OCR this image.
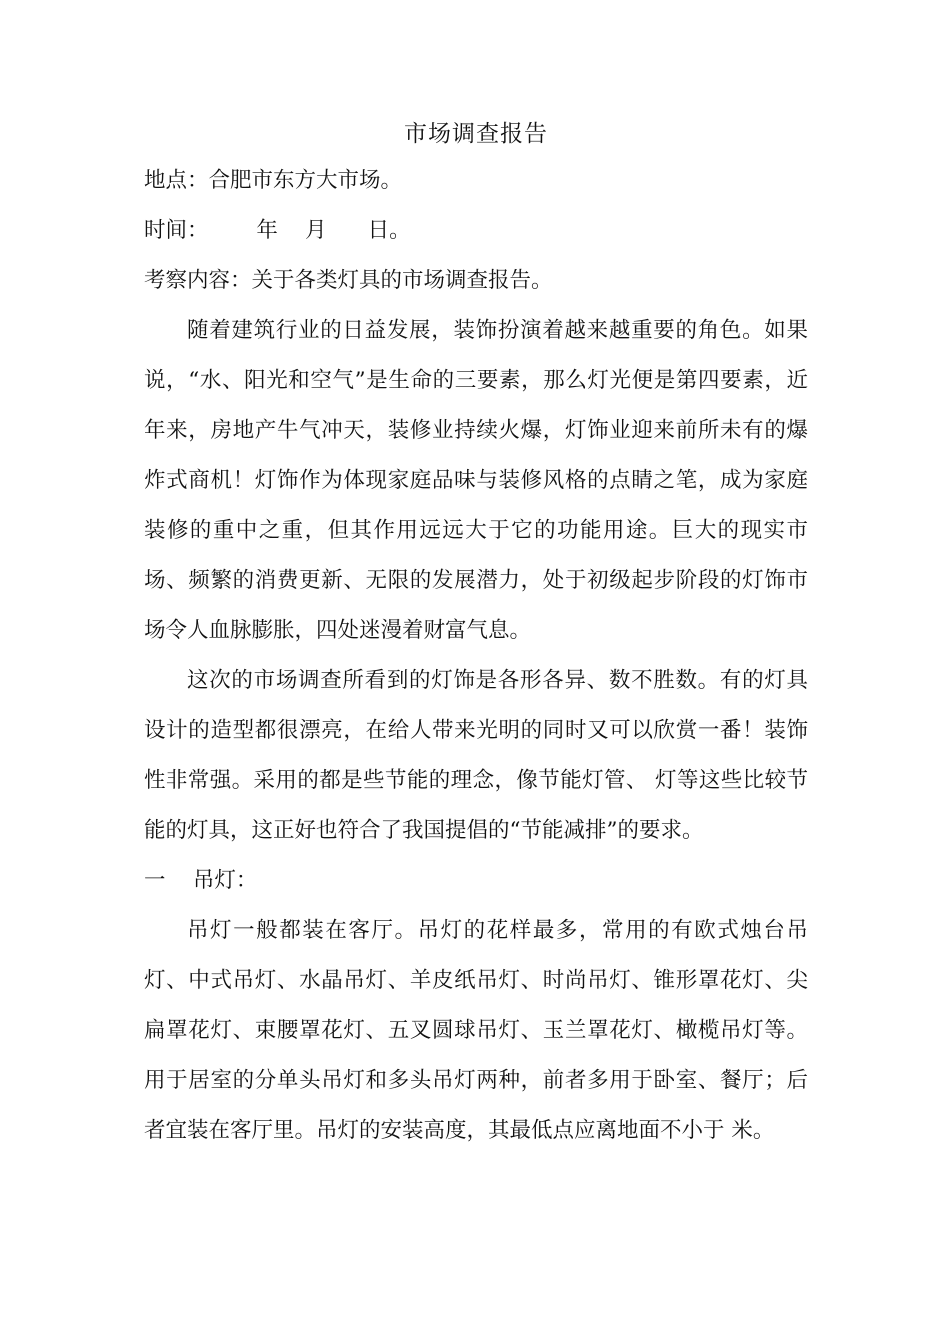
市场调查报告

地点：合肥市东方大市场。

时间：       年    月      日。

考察内容：关于各类灯具的市场调查报告。

随着建筑行业的日益发展，装饰扮演着越来越重要的角色。如果说，“水、阳光和空气”是生命的三要素，那么灯光便是第四要素，近年来，房地产牛气冲天，装修业持续火爆，灯饰业迎来前所未有的爆炸式商机！灯饰作为体现家庭品味与装修风格的点睛之笔，成为家庭装修的重中之重，但其作用远远大于它的功能用途。巨大的现实市场、频繁的消费更新、无限的发展潜力，处于初级起步阶段的灯饰市场令人血脉膨胀，四处迷漫着财富气息。

这次的市场调查所看到的灯饰是各形各异、数不胜数。有的灯具设计的造型都很漂亮，在给人带来光明的同时又可以欣赏一番！装饰性非常强。采用的都是些节能的理念，像节能灯管、 灯等这些比较节能的灯具，这正好也符合了我国提倡的“节能减排”的要求。

一    吊灯：

吊灯一般都装在客厅。吊灯的花样最多，常用的有欧式烛台吊灯、中式吊灯、水晶吊灯、羊皮纸吊灯、时尚吊灯、锥形罩花灯、尖扁罩花灯、束腰罩花灯、五叉圆球吊灯、玉兰罩花灯、橄榄吊灯等。用于居室的分单头吊灯和多头吊灯两种，前者多用于卧室、餐厅；后者宜装在客厅里。吊灯的安装高度，其最低点应离地面不小于 米。
